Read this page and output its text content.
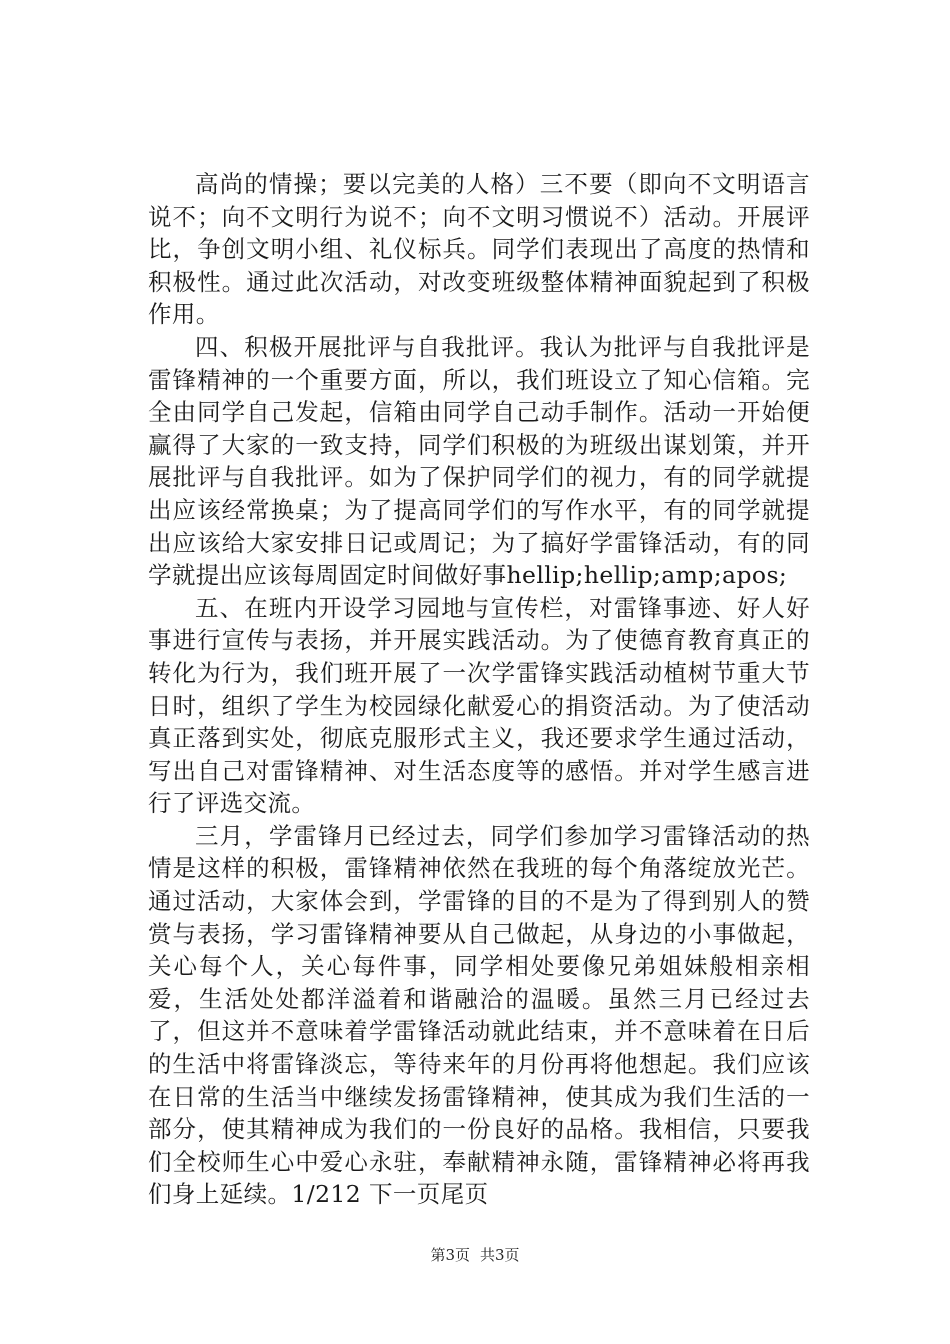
高尚的情操；要以完美的人格）三不要（即向不文明语言说不；向不文明行为说不；向不文明习惯说不）活动。开展评比，争创文明小组、礼仪标兵。同学们表现出了高度的热情和积极性。通过此次活动，对改变班级整体精神面貌起到了积极作用。

四、积极开展批评与自我批评。我认为批评与自我批评是雷锋精神的一个重要方面，所以，我们班设立了知心信箱。完全由同学自己发起，信箱由同学自己动手制作。活动一开始便赢得了大家的一致支持，同学们积极的为班级出谋划策，并开展批评与自我批评。如为了保护同学们的视力，有的同学就提出应该经常换桌；为了提高同学们的写作水平，有的同学就提出应该给大家安排日记或周记；为了搞好学雷锋活动，有的同学就提出应该每周固定时间做好事hellip;hellip;amp;apos;

五、在班内开设学习园地与宣传栏，对雷锋事迹、好人好事进行宣传与表扬，并开展实践活动。为了使德育教育真正的转化为行为，我们班开展了一次学雷锋实践活动植树节重大节日时，组织了学生为校园绿化献爱心的捐资活动。为了使活动真正落到实处，彻底克服形式主义，我还要求学生通过活动，写出自己对雷锋精神、对生活态度等的感悟。并对学生感言进行了评选交流。

三月，学雷锋月已经过去，同学们参加学习雷锋活动的热情是这样的积极，雷锋精神依然在我班的每个角落绽放光芒。通过活动，大家体会到，学雷锋的目的不是为了得到别人的赞赏与表扬，学习雷锋精神要从自己做起，从身边的小事做起，关心每个人，关心每件事，同学相处要像兄弟姐妹般相亲相爱，生活处处都洋溢着和谐融洽的温暖。虽然三月已经过去了，但这并不意味着学雷锋活动就此结束，并不意味着在日后的生活中将雷锋淡忘，等待来年的月份再将他想起。我们应该在日常的生活当中继续发扬雷锋精神，使其成为我们生活的一部分，使其精神成为我们的一份良好的品格。我相信，只要我们全校师生心中爱心永驻，奉献精神永随，雷锋精神必将再我们身上延续。1/212 下一页尾页

第3页 共3页
